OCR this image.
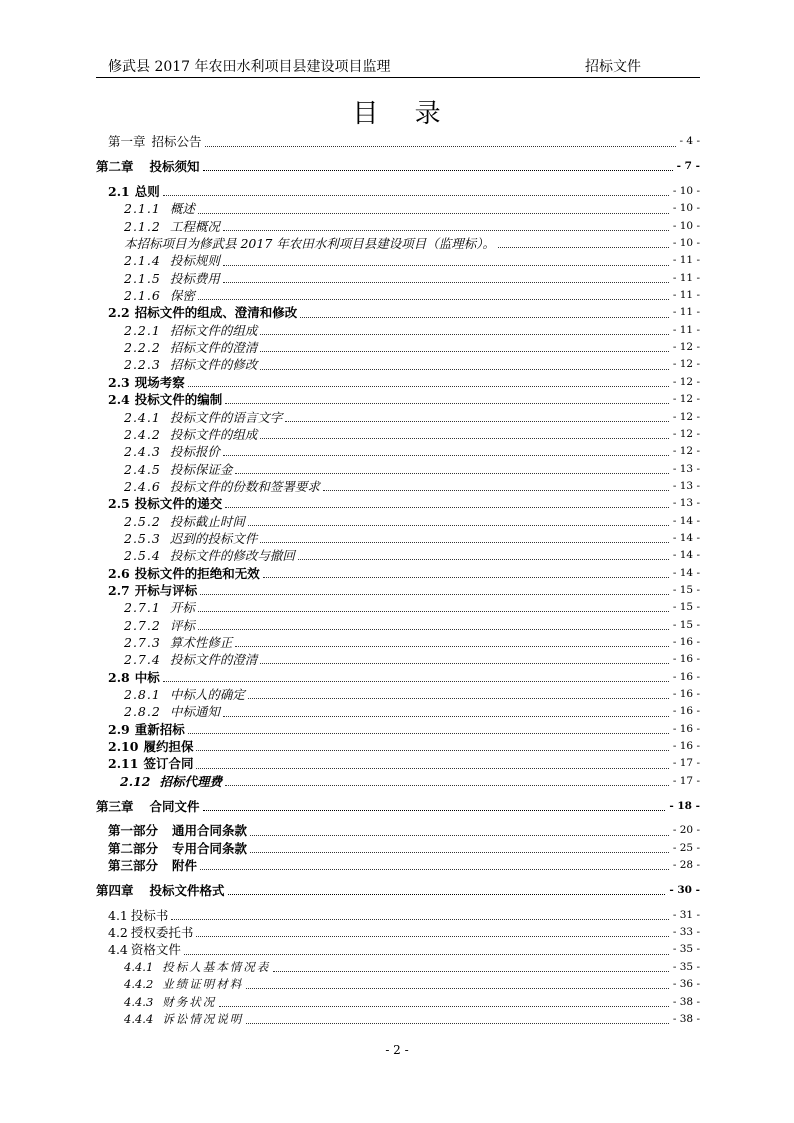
修武县 2017 年农田水利项目县建设项目监理	招标文件
目 录
第一章 招标公告	- 4 -
第二章 投标须知	- 7 -
2.1 总则	- 10 -
2.1.1 概述	- 10 -
2.1.2 工程概况	- 10 -
本招标项目为修武县 2017 年农田水利项目县建设项目（监理标）。	- 10 -
2.1.4 投标规则	- 11 -
2.1.5 投标费用	- 11 -
2.1.6 保密	- 11 -
2.2 招标文件的组成、澄清和修改	- 11 -
2.2.1 招标文件的组成	- 11 -
2.2.2 招标文件的澄清	- 12 -
2.2.3 招标文件的修改	- 12 -
2.3 现场考察	- 12 -
2.4 投标文件的编制	- 12 -
2.4.1 投标文件的语言文字	- 12 -
2.4.2 投标文件的组成	- 12 -
2.4.3 投标报价	- 12 -
2.4.5 投标保证金	- 13 -
2.4.6 投标文件的份数和签署要求	- 13 -
2.5 投标文件的递交	- 13 -
2.5.2 投标截止时间	- 14 -
2.5.3 迟到的投标文件	- 14 -
2.5.4 投标文件的修改与撤回	- 14 -
2.6 投标文件的拒绝和无效	- 14 -
2.7 开标与评标	- 15 -
2.7.1 开标	- 15 -
2.7.2 评标	- 15 -
2.7.3 算术性修正	- 16 -
2.7.4 投标文件的澄清	- 16 -
2.8 中标	- 16 -
2.8.1 中标人的确定	- 16 -
2.8.2 中标通知	- 16 -
2.9 重新招标	- 16 -
2.10 履约担保	- 16 -
2.11 签订合同	- 17 -
2.12 招标代理费	- 17 -
第三章 合同文件	- 18 -
第一部分 通用合同条款	- 20 -
第二部分 专用合同条款	- 25 -
第三部分 附件	- 28 -
第四章 投标文件格式	- 30 -
4.1 投标书	- 31 -
4.2 授权委托书	- 33 -
4.4 资格文件	- 35 -
4.4.1 投标人基本情况表	- 35 -
4.4.2 业绩证明材料	- 36 -
4.4.3 财务状况	- 38 -
4.4.4 诉讼情况说明	- 38 -
- 2 -
